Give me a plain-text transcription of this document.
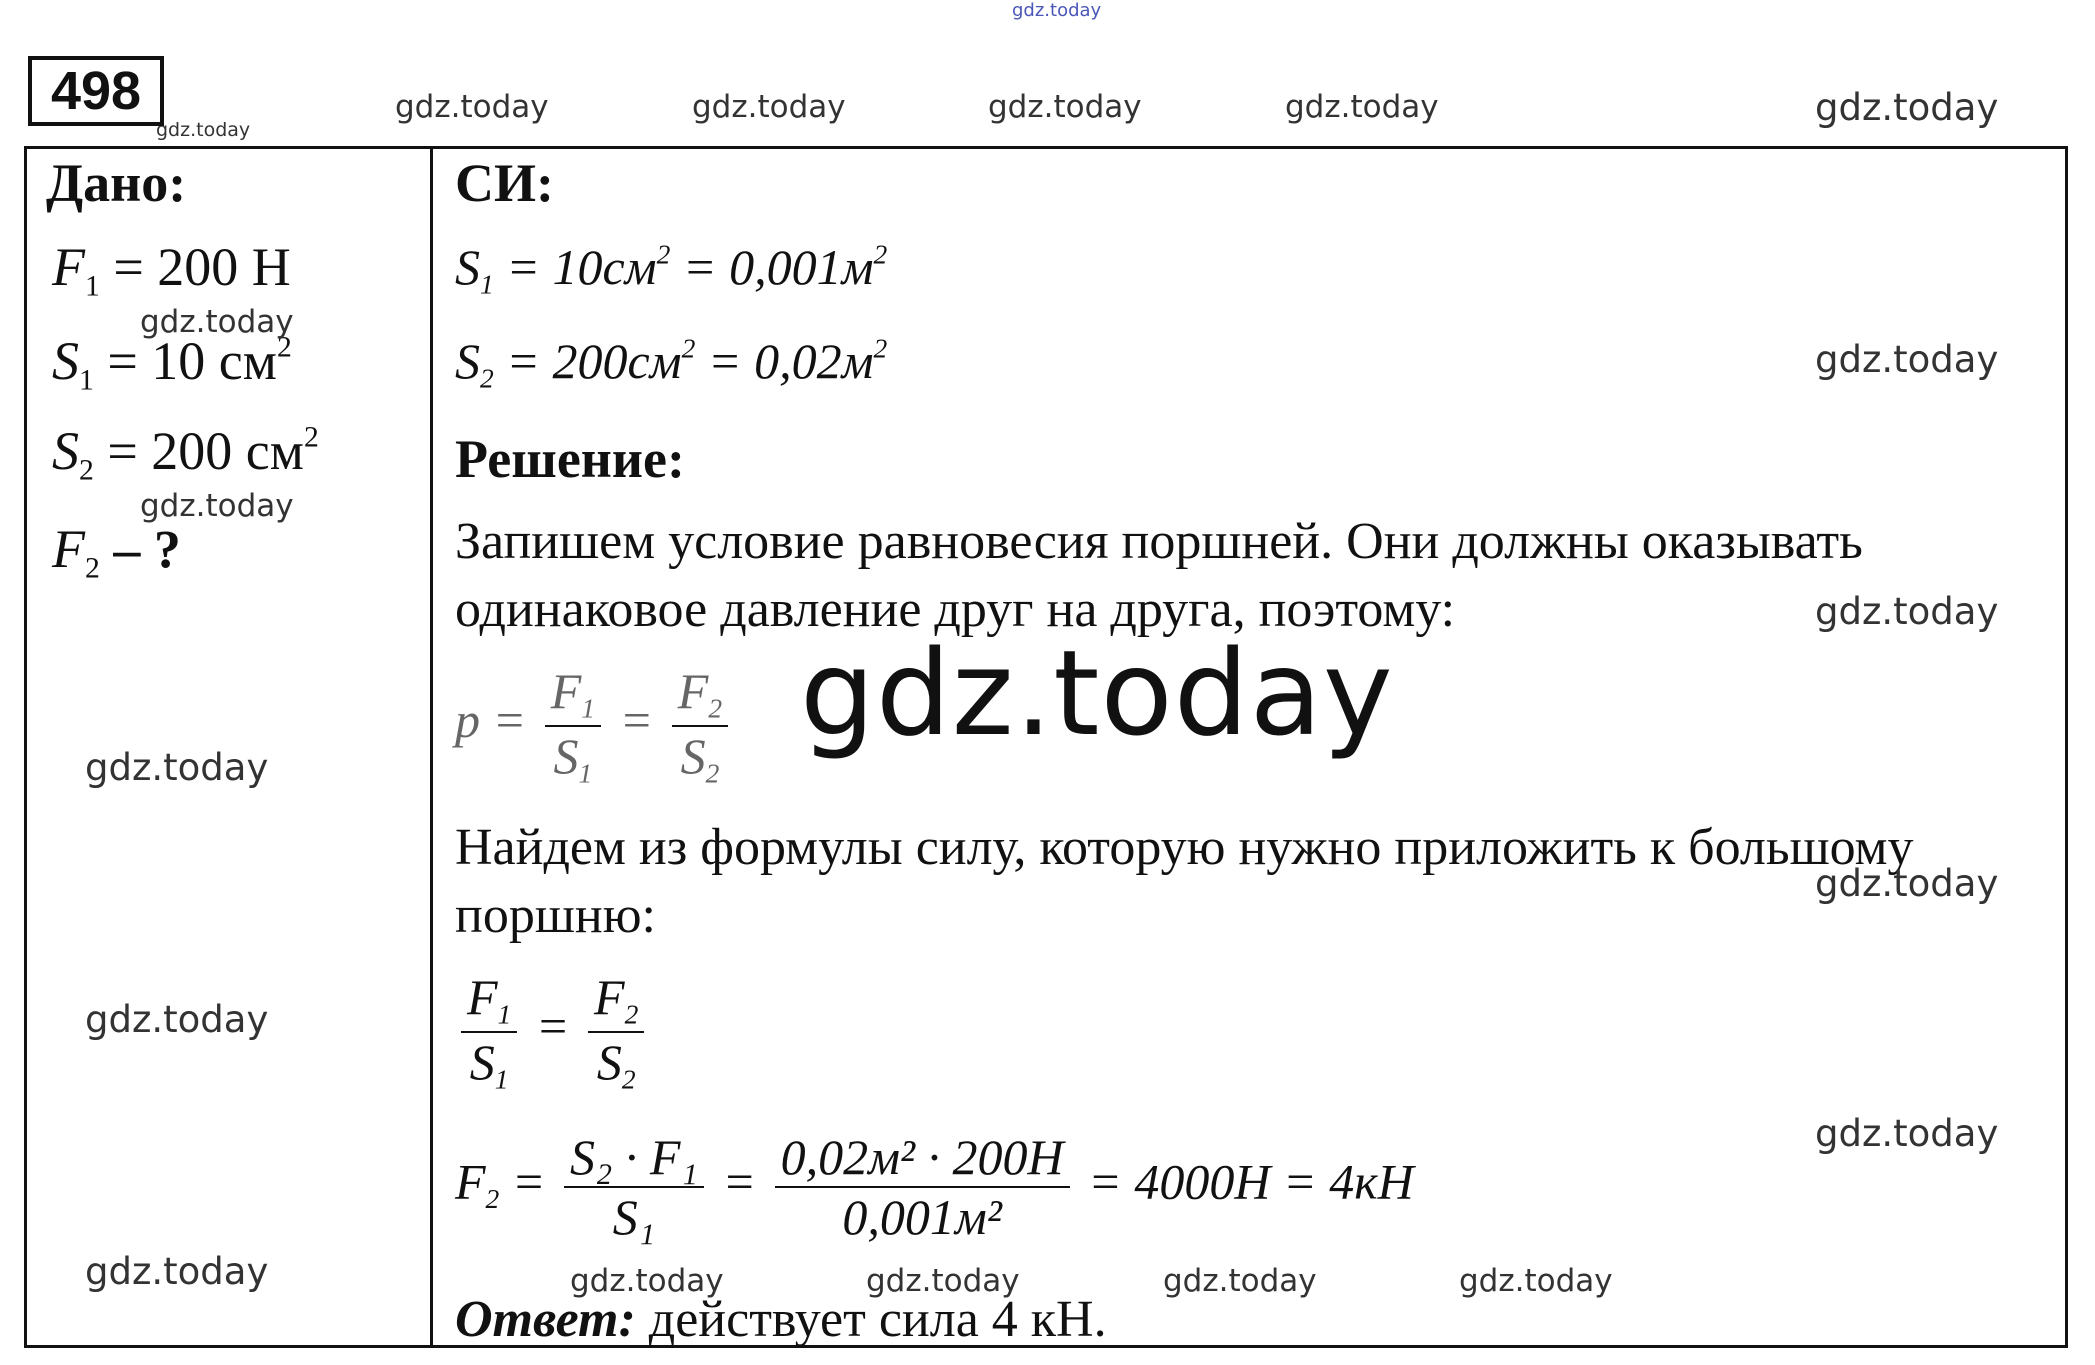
gdz.today
gdz.today	gdz.today	gdz.today	gdz.today	gdz.today
gdz.today
498
Дано:
$F_1 = 200$ Н
$S_1 = 10$ $см^2$
$S_2 = 200$ $см^2$
$F_2$ – ?
gdz.today
gdz.today
gdz.today
gdz.today
gdz.today
СИ:
$S_1 = 10см^2 = 0,001м^2$
$S_2 = 200см^2 = 0,02м^2$	gdz.today
Решение:
Запишем условие равновесия поршней. Они должны оказывать одинаковое давление друг на друга, поэтому:	gdz.today
$p = \frac{F_1}{S_1} = \frac{F_2}{S_2}$ gdz.today
Найдем из формулы силу, которую нужно приложить к большому поршню:
gdz.today
$\frac{F_1}{S_1} = \frac{F_2}{S_2}$
gdz.today
$F_2 = \frac{\text{S₂ · F₁}}{\text{S₁}} = \frac{\text{0,02м² · 200Н}}{\text{0,001м²}} = 4000Н = 4кН$
gdz.today	gdz.today	gdz.today	gdz.today
Ответ: действует сила 4 кН.
